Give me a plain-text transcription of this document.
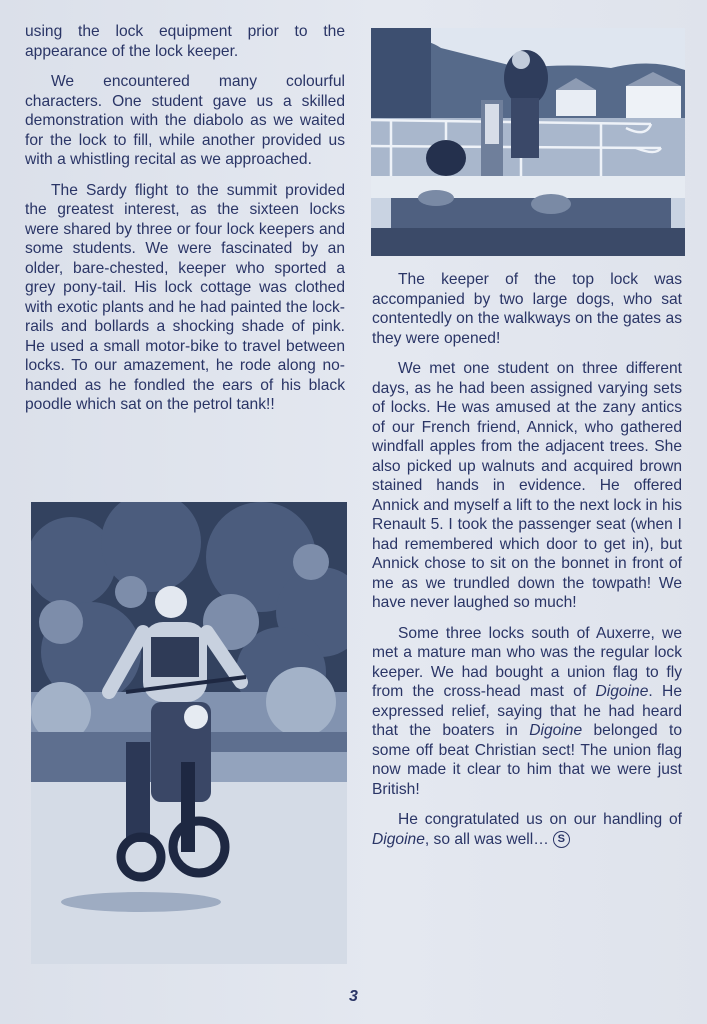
using the lock equipment prior to the appearance of the lock keeper.

We encountered many colourful characters. One student gave us a skilled demonstration with the diabolo as we waited for the lock to fill, while another provided us with a whistling recital as we approached.

The Sardy flight to the summit provided the greatest interest, as the sixteen locks were shared by three or four lock keepers and some students. We were fascinated by an older, bare-chested, keeper who sported a grey pony-tail. His lock cottage was clothed with exotic plants and he had painted the lock-rails and bollards a shocking shade of pink. He used a small motor-bike to travel between locks. To our amazement, he rode along no-handed as he fondled the ears of his black poodle which sat on the petrol tank!!

The keeper of the top lock was accompanied by two large dogs, who sat contentedly on the walkways on the gates as they were opened!

We met one student on three different days, as he had been assigned varying sets of locks. He was amused at the zany antics of our French friend, Annick, who gathered windfall apples from the adjacent trees. She also picked up walnuts and acquired brown stained hands in evidence. He offered Annick and myself a lift to the next lock in his Renault 5. I took the passenger seat (when I had remembered which door to get in), but Annick chose to sit on the bonnet in front of me as we trundled down the towpath! We have never laughed so much!

Some three locks south of Auxerre, we met a mature man who was the regular lock keeper. We had bought a union flag to fly from the cross-head mast of Digoine. He expressed relief, saying that he had heard that the boaters in Digoine belonged to some off beat Christian sect! The union flag now made it clear to him that we were just British!

He congratulated us on our handling of Digoine, so all was well… S

3
